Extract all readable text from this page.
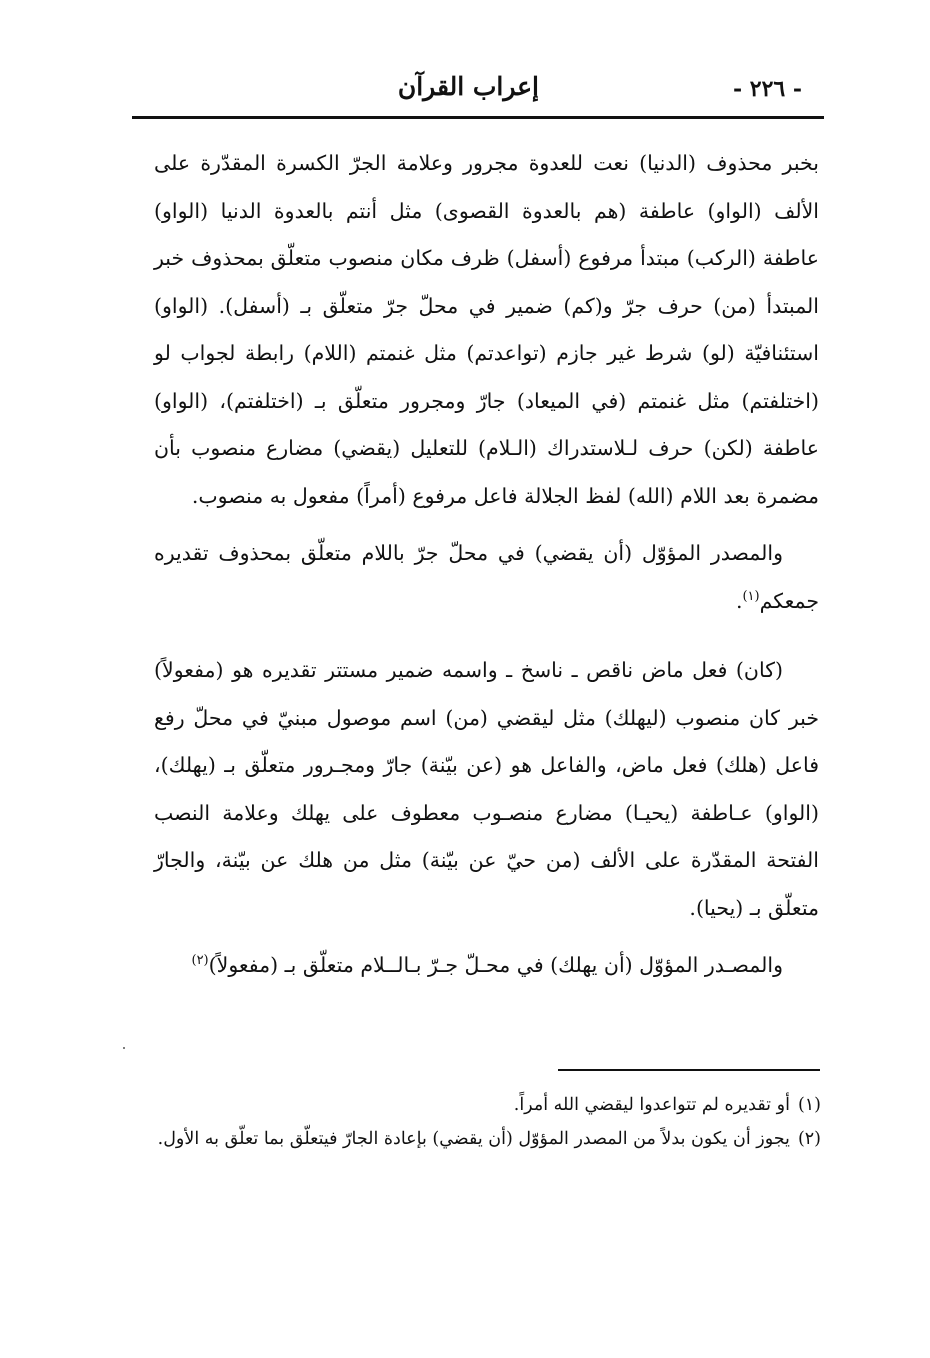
إعراب القرآن	- ٢٢٦ -

بخبر محذوف (الدنيا) نعت للعدوة مجرور وعلامة الجرّ الكسرة المقدّرة على الألف (الواو) عاطفة (هم بالعدوة القصوى) مثل أنتم بالعدوة الدنيا (الواو) عاطفة (الركب) مبتدأ مرفوع (أسفل) ظرف مكان منصوب متعلّق بمحذوف خبر المبتدأ (من) حرف جرّ و(كم) ضمير في محلّ جرّ متعلّق بـ (أسفل). (الواو) استئنافيّة (لو) شرط غير جازم (تواعدتم) مثل غنمتم (اللام) رابطة لجواب لو (اختلفتم) مثل غنمتم (في الميعاد) جارّ ومجرور متعلّق بـ (اختلفتم)، (الواو) عاطفة (لكن) حرف لـلاستدراك (الـلام) للتعليل (يقضي) مضارع منصوب بأن مضمرة بعد اللام (الله) لفظ الجلالة فاعل مرفوع (أمراً) مفعول به منصوب.

والمصدر المؤوّل (أن يقضي) في محلّ جرّ باللام متعلّق بمحذوف تقديره جمعكم$^{(١)}$.

(كان) فعل ماض ناقص ـ ناسخ ـ واسمه ضمير مستتر تقديره هو (مفعولاً) خبر كان منصوب (ليهلك) مثل ليقضي (من) اسم موصول مبنيّ في محلّ رفع فاعل (هلك) فعل ماض، والفاعل هو (عن بيّنة) جارّ ومجـرور متعلّق بـ (يهلك)، (الواو) عـاطفة (يحيـا) مضارع منصـوب معطوف على يهلك وعلامة النصب الفتحة المقدّرة على الألف (من حيّ عن بيّنة) مثل من هلك عن بيّنة، والجارّ متعلّق بـ (يحيا).

والمصـدر المؤوّل (أن يهلك) في محـلّ جـرّ بـالــلام متعلّق بـ (مفعولاً)$^{(٢)}$

(١)أو تقديره لم تتواعدوا ليقضي الله أمراً.

(٢)يجوز أن يكون بدلاً من المصدر المؤوّل (أن يقضي) بإعادة الجارّ فيتعلّق بما تعلّق به الأول.
